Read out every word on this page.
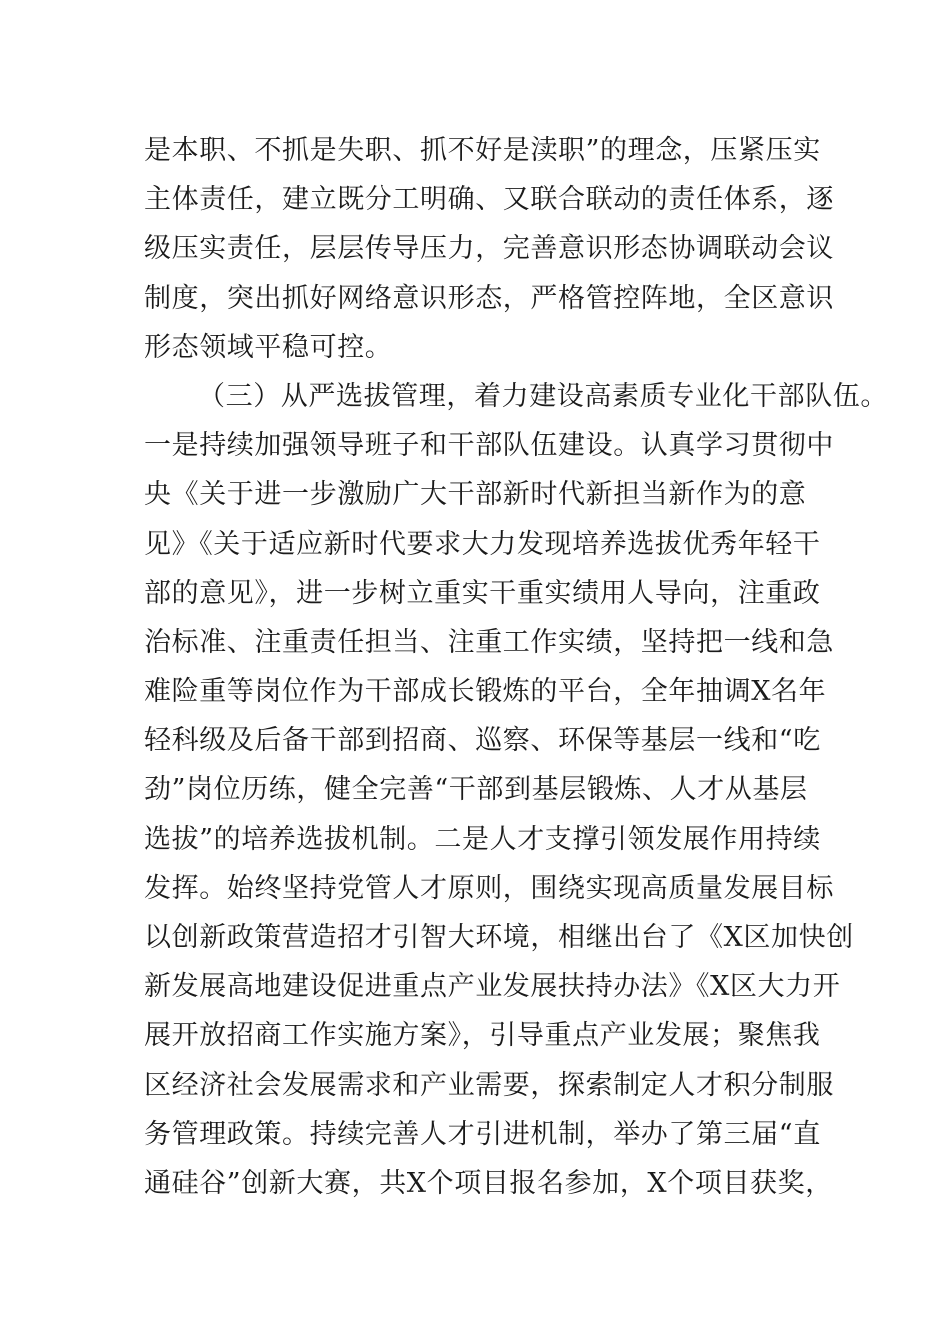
是本职、不抓是失职、抓不好是渎职”的理念，压紧压实
主体责任，建立既分工明确、又联合联动的责任体系，逐
级压实责任，层层传导压力，完善意识形态协调联动会议
制度，突出抓好网络意识形态，严格管控阵地，全区意识
形态领域平稳可控。
（三）从严选拔管理，着力建设高素质专业化干部队伍。
一是持续加强领导班子和干部队伍建设。认真学习贯彻中
央《关于进一步激励广大干部新时代新担当新作为的意
见》《关于适应新时代要求大力发现培养选拔优秀年轻干
部的意见》，进一步树立重实干重实绩用人导向，注重政
治标准、注重责任担当、注重工作实绩，坚持把一线和急
难险重等岗位作为干部成长锻炼的平台，全年抽调X名年
轻科级及后备干部到招商、巡察、环保等基层一线和“吃
劲”岗位历练，健全完善“干部到基层锻炼、人才从基层
选拔”的培养选拔机制。二是人才支撑引领发展作用持续
发挥。始终坚持党管人才原则，围绕实现高质量发展目标
以创新政策营造招才引智大环境，相继出台了《X区加快创
新发展高地建设促进重点产业发展扶持办法》《X区大力开
展开放招商工作实施方案》，引导重点产业发展；聚焦我
区经济社会发展需求和产业需要，探索制定人才积分制服
务管理政策。持续完善人才引进机制，举办了第三届“直
通硅谷”创新大赛，共X个项目报名参加，X个项目获奖，
